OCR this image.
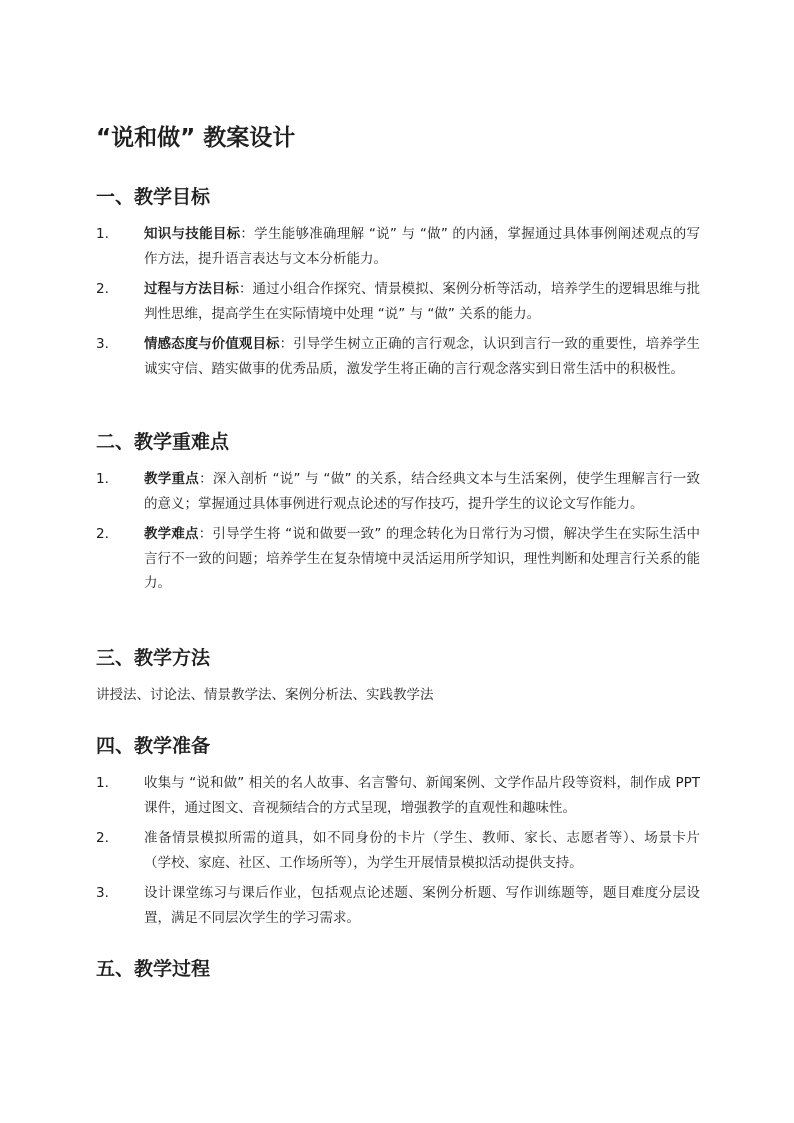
“说和做” 教案设计
一、教学目标
1.	知识与技能目标：学生能够准确理解 “说” 与 “做” 的内涵，掌握通过具体事例阐述观点的写作方法，提升语言表达与文本分析能力。
2.	过程与方法目标：通过小组合作探究、情景模拟、案例分析等活动，培养学生的逻辑思维与批判性思维，提高学生在实际情境中处理 “说” 与 “做” 关系的能力。
3.	情感态度与价值观目标：引导学生树立正确的言行观念，认识到言行一致的重要性，培养学生诚实守信、踏实做事的优秀品质，激发学生将正确的言行观念落实到日常生活中的积极性。
二、教学重难点
1.	教学重点：深入剖析 “说” 与 “做” 的关系，结合经典文本与生活案例，使学生理解言行一致的意义；掌握通过具体事例进行观点论述的写作技巧，提升学生的议论文写作能力。
2.	教学难点：引导学生将 “说和做要一致” 的理念转化为日常行为习惯，解决学生在实际生活中言行不一致的问题；培养学生在复杂情境中灵活运用所学知识，理性判断和处理言行关系的能力。
三、教学方法

讲授法、讨论法、情景教学法、案例分析法、实践教学法

四、教学准备
1.	收集与 “说和做” 相关的名人故事、名言警句、新闻案例、文学作品片段等资料，制作成 PPT 课件，通过图文、音视频结合的方式呈现，增强教学的直观性和趣味性。
2.	准备情景模拟所需的道具，如不同身份的卡片（学生、教师、家长、志愿者等）、场景卡片（学校、家庭、社区、工作场所等），为学生开展情景模拟活动提供支持。
3.	设计课堂练习与课后作业，包括观点论述题、案例分析题、写作训练题等，题目难度分层设置，满足不同层次学生的学习需求。
五、教学过程
